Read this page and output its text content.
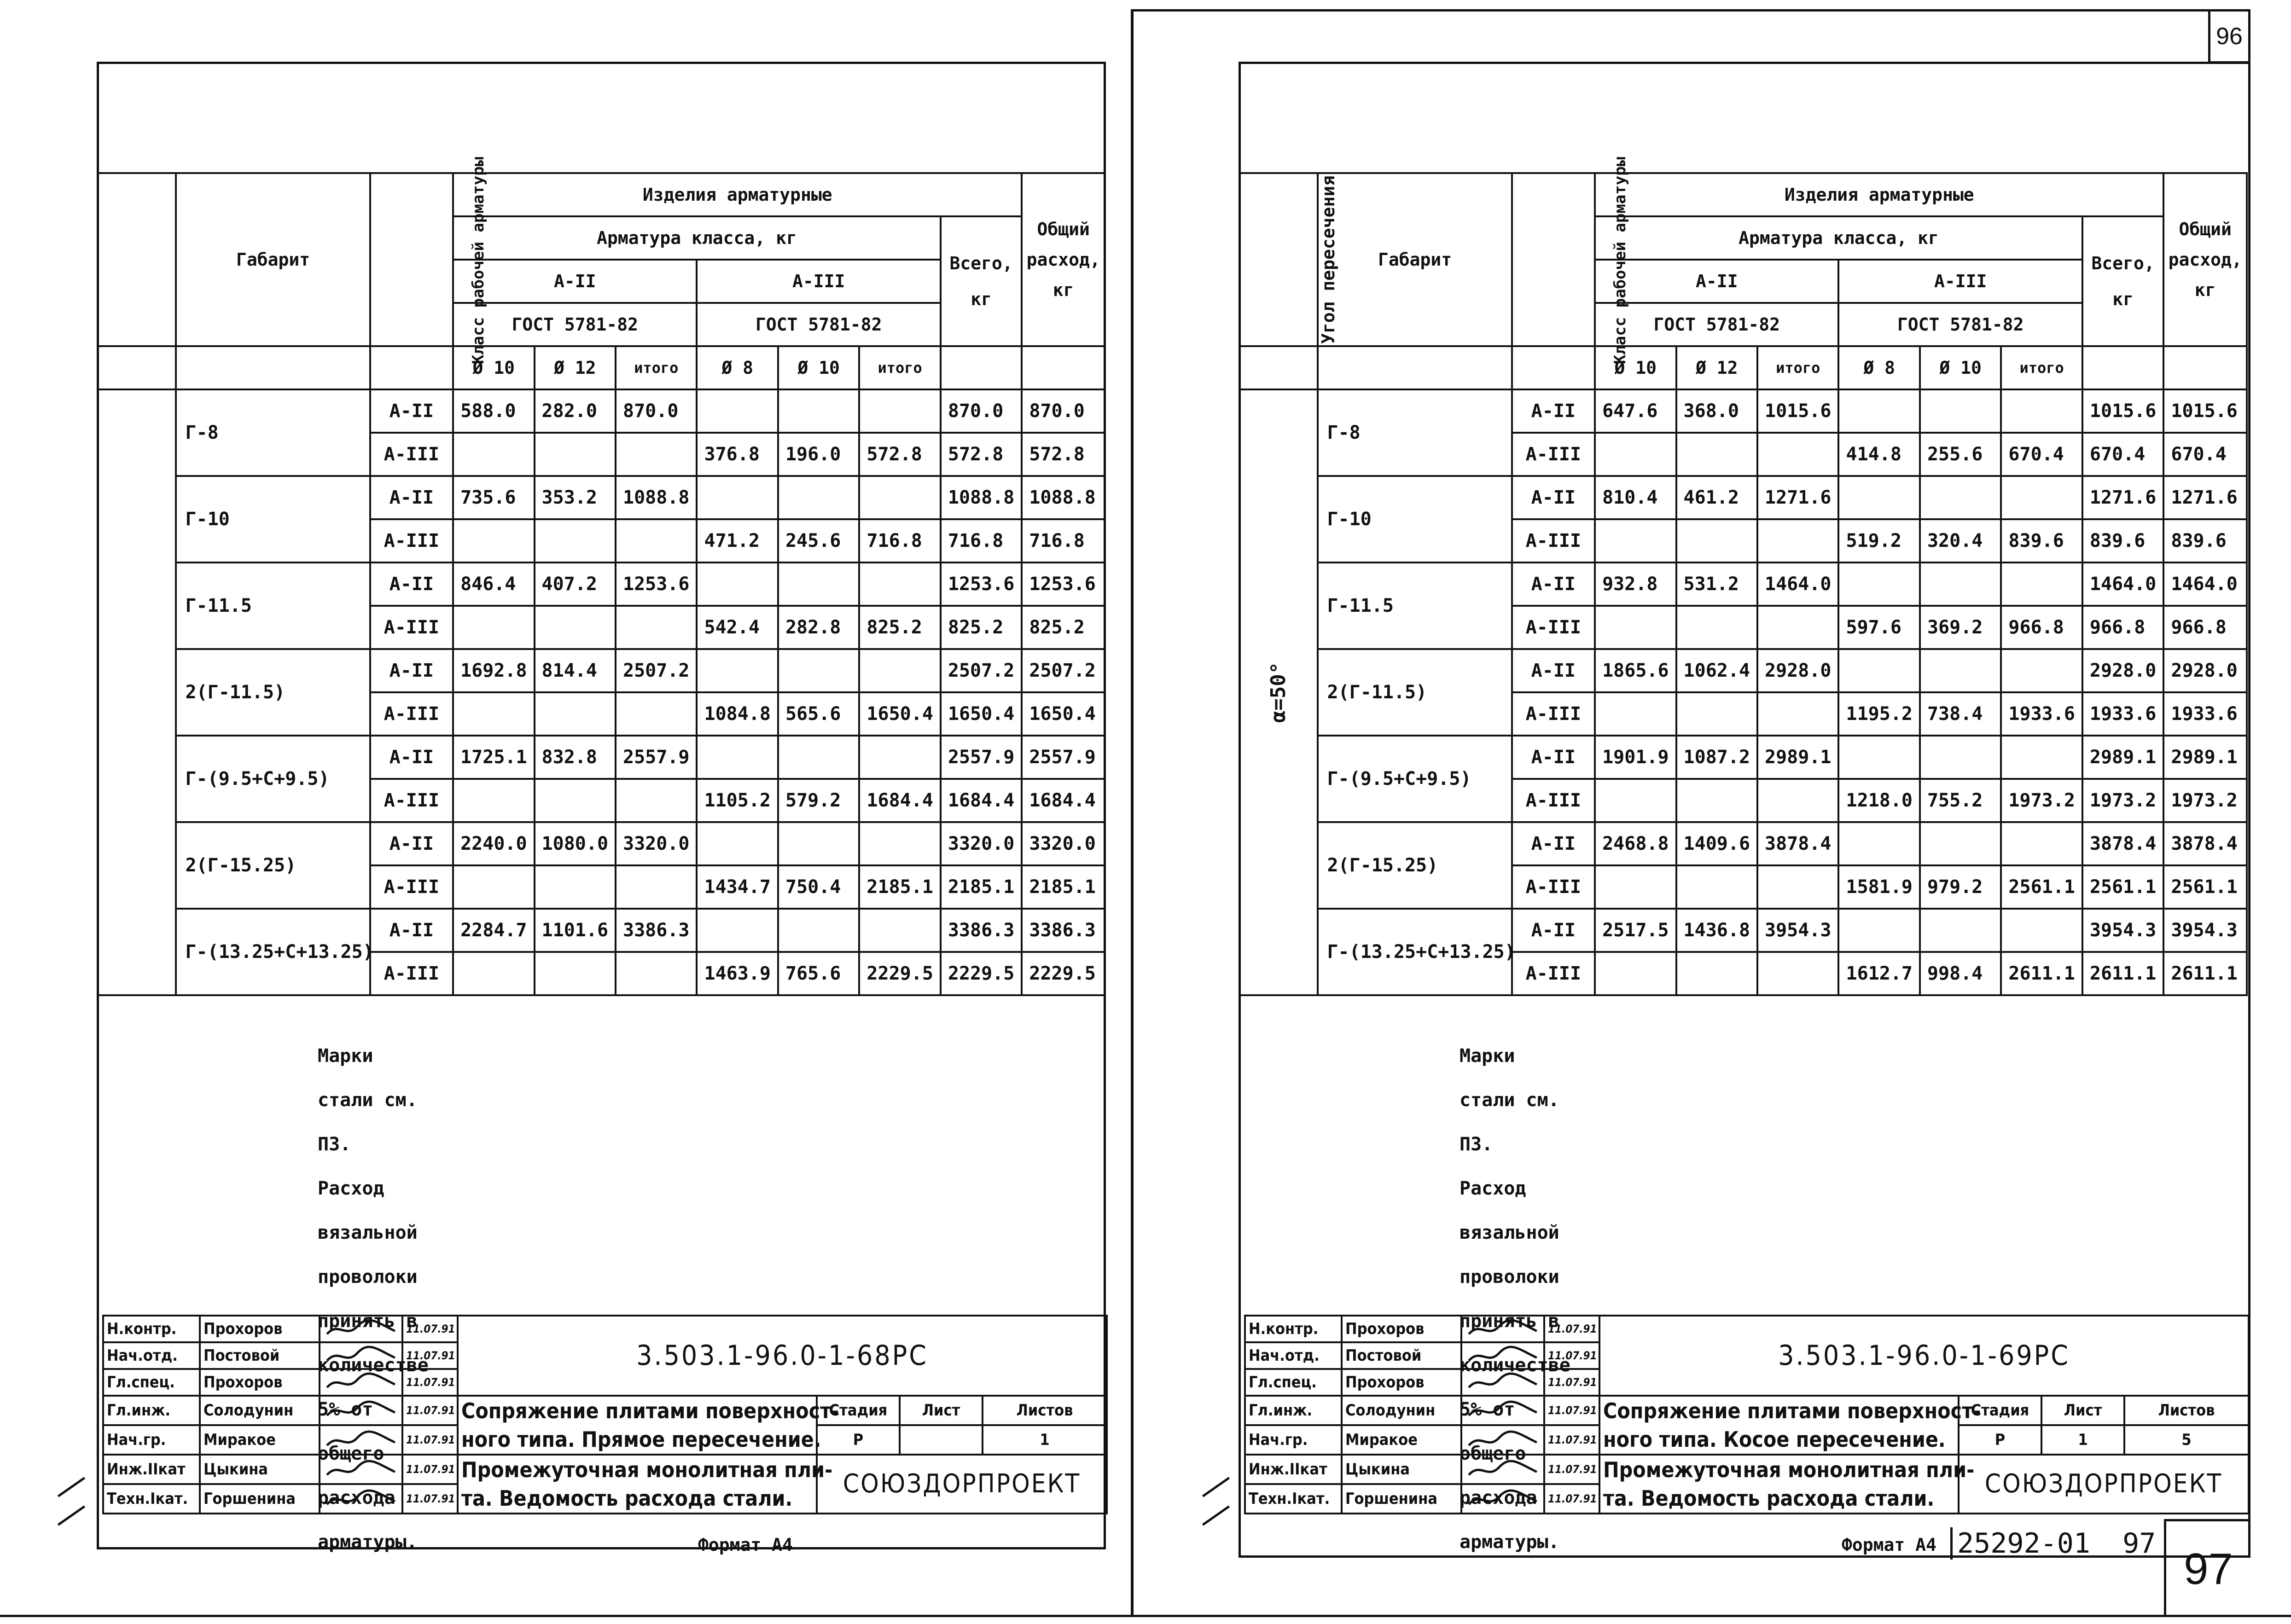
96
	Габарит	Класс рабочей арматуры	Изделия арматурные							Общий
расход,
кг

			Арматура класса, кг						Всего,
кг	

			А-II			А-III				

			ГОСТ 5781-82			ГОСТ 5781-82				
			Ø 10	Ø 12	итого	Ø 8	Ø 10	итого		
	Г-8	А-II	588.0	282.0	870.0				870.0	870.0
		А-III				376.8	196.0	572.8	572.8	572.8
	Г-10	А-II	735.6	353.2	1088.8				1088.8	1088.8
		А-III				471.2	245.6	716.8	716.8	716.8
	Г-11.5	А-II	846.4	407.2	1253.6				1253.6	1253.6
		А-III				542.4	282.8	825.2	825.2	825.2
	2(Г-11.5)	А-II	1692.8	814.4	2507.2				2507.2	2507.2
		А-III				1084.8	565.6	1650.4	1650.4	1650.4
	Г-(9.5+С+9.5)	А-II	1725.1	832.8	2557.9				2557.9	2557.9
		А-III				1105.2	579.2	1684.4	1684.4	1684.4
	2(Г-15.25)	А-II	2240.0	1080.0	3320.0				3320.0	3320.0
		А-III				1434.7	750.4	2185.1	2185.1	2185.1
	Г-(13.25+С+13.25)	А-II	2284.7	1101.6	3386.3				3386.3	3386.3
		А-III				1463.9	765.6	2229.5	2229.5	2229.5
Марки стали см. П3.
Расход вязальной проволоки принять в
количестве 5% от общего расхода арматуры.
Н.контр.	Прохоров		11.07.91	3.503.1-96.0-1-68РС			
Нач.отд.	Постовой		11.07.91				
Гл.спец.	Прохоров		11.07.91				
Гл.инж.	Солодунин		11.07.91	Сопряжение плитами поверхност-
ного типа. Прямое пересечение.	Стадия	Лист	Листов
Нач.гр.	Миракое		11.07.91		Р		1
Инж.IIкат	Цыкина		11.07.91	Промежуточная монолитная пли-
та. Ведомость расхода стали.	СОЮЗДОРПРОЕКТ		
Техн.Iкат.	Горшенина		11.07.91				
Угол пересечения	Габарит	Класс рабочей арматуры	Изделия арматурные							Общий
расход,
кг

			Арматура класса, кг						Всего,
кг	

			А-II			А-III				

			ГОСТ 5781-82			ГОСТ 5781-82				
			Ø 10	Ø 12	итого	Ø 8	Ø 10	итого		
α=50°	Г-8	А-II	647.6	368.0	1015.6				1015.6	1015.6
		А-III				414.8	255.6	670.4	670.4	670.4
	Г-10	А-II	810.4	461.2	1271.6				1271.6	1271.6
		А-III				519.2	320.4	839.6	839.6	839.6
	Г-11.5	А-II	932.8	531.2	1464.0				1464.0	1464.0
		А-III				597.6	369.2	966.8	966.8	966.8
	2(Г-11.5)	А-II	1865.6	1062.4	2928.0				2928.0	2928.0
		А-III				1195.2	738.4	1933.6	1933.6	1933.6
	Г-(9.5+С+9.5)	А-II	1901.9	1087.2	2989.1				2989.1	2989.1
		А-III				1218.0	755.2	1973.2	1973.2	1973.2
	2(Г-15.25)	А-II	2468.8	1409.6	3878.4				3878.4	3878.4
		А-III				1581.9	979.2	2561.1	2561.1	2561.1
	Г-(13.25+С+13.25)	А-II	2517.5	1436.8	3954.3				3954.3	3954.3
		А-III				1612.7	998.4	2611.1	2611.1	2611.1
Марки стали см. П3.
Расход вязальной проволоки принять в
количестве 5% от общего расхода арматуры.
Н.контр.	Прохоров		11.07.91	3.503.1-96.0-1-69РС			
Нач.отд.	Постовой		11.07.91				
Гл.спец.	Прохоров		11.07.91				
Гл.инж.	Солодунин		11.07.91	Сопряжение плитами поверхност-
ного типа. Косое пересечение.	Стадия	Лист	Листов
Нач.гр.	Миракое		11.07.91		Р	1	5
Инж.IIкат	Цыкина		11.07.91	Промежуточная монолитная пли-
та. Ведомость расхода стали.	СОЮЗДОРПРОЕКТ		
Техн.Iкат.	Горшенина		11.07.91				
Формат А4	Формат А4 25292-01 97
97
